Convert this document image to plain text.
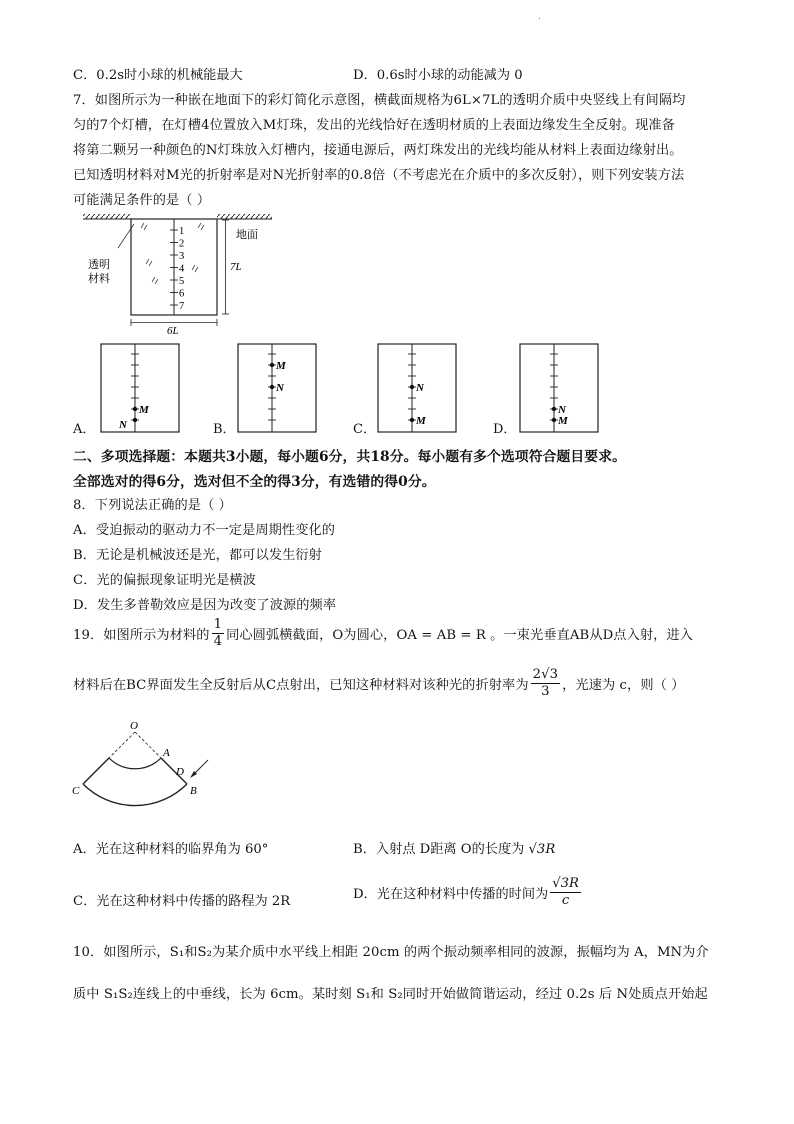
.
C．0.2s时小球的机械能最大	D．0.6s时小球的动能减为 0
7．如图所示为一种嵌在地面下的彩灯简化示意图，横截面规格为6L×7L的透明介质中央竖线上有间隔均
匀的7个灯槽，在灯槽4位置放入M灯珠，发出的光线恰好在透明材质的上表面边缘发生全反射。现准备
将第二颗另一种颜色的N灯珠放入灯槽内，接通电源后，两灯珠发出的光线均能从材料上表面边缘射出。
已知透明材料对M光的折射率是对N光折射率的0.8倍（不考虑光在介质中的多次反射），则下列安装方法
可能满足条件的是（ ）
1
2
3
4
5
6
7
7L
6L
地面
透明
材料
A．
M
N	B．
M
N
C．
N
M
D．
N
M
二、多项选择题：本题共3小题，每小题6分，共18分。每小题有多个选项符合题目要求。
全部选对的得6分，选对但不全的得3分，有选错的得0分。
8．下列说法正确的是（ ）
A．受迫振动的驱动力不一定是周期性变化的
B．无论是机械波还是光，都可以发生衍射
C．光的偏振现象证明光是横波
D．发生多普勒效应是因为改变了波源的频率
19．如图所示为材料的 $\frac{1}{4}$ 同心圆弧横截面，O为圆心，OA = AB = R 。一束光垂直AB从D点入射，进入
材料后在BC界面发生全反射后从C点射出，已知这种材料对该种光的折射率为 $\frac{2√3}{3}$ ，光速为 c，则（ ）
O
A
D
B
C
A．光在这种材料的临界角为 60°	B．入射点 D距离 O的长度为 √3R
C．光在这种材料中传播的路程为 2R	D．光在这种材料中传播的时间为 $\frac{√3R}{c}$
10．如图所示，S₁和S₂为某介质中水平线上相距 20cm 的两个振动频率相同的波源，振幅均为 A，MN为介
质中 S₁S₂连线上的中垂线，长为 6cm。某时刻 S₁和 S₂同时开始做简谐运动，经过 0.2s 后 N处质点开始起
